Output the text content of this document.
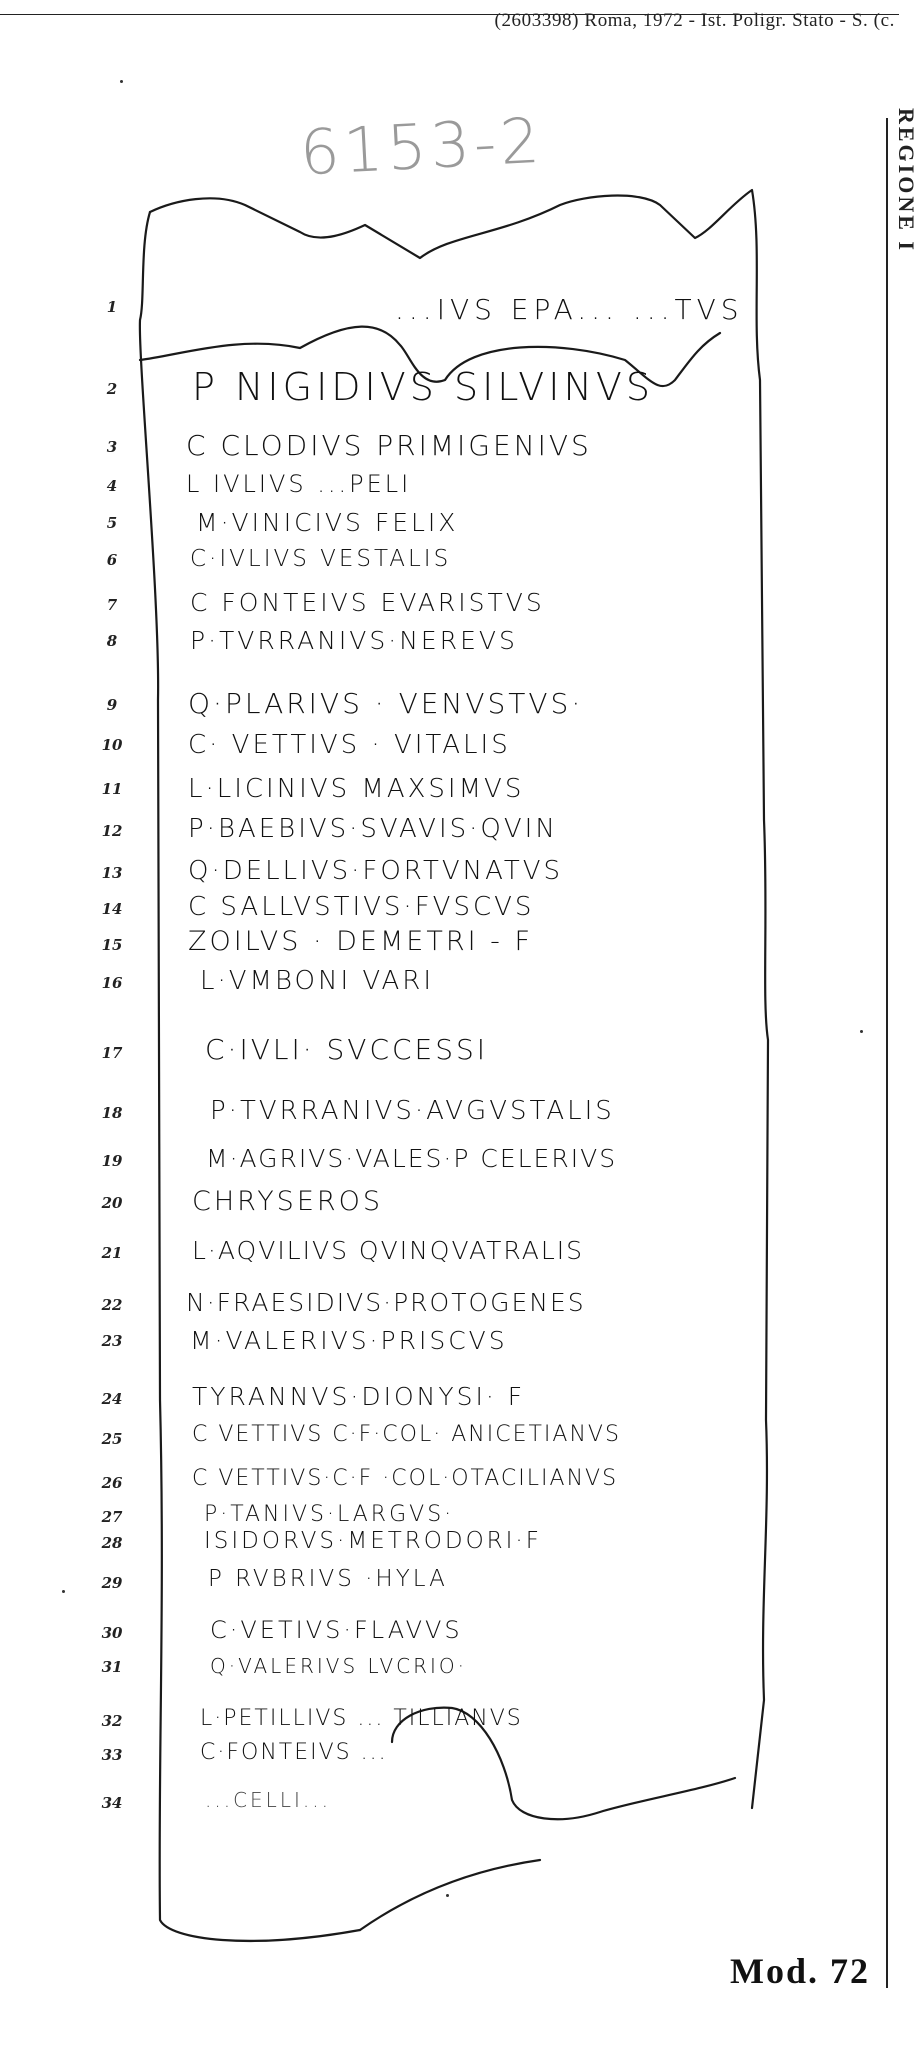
(2603398) Roma, 1972 - Ist. Poligr. Stato - S. (c.
6153-2	REGIONE I
1	...IVS EPA... ...TVS
2	P NIGIDIVS SILVINVS
3	C CLODIVS PRIMIGENIVS
4	L IVLIVS ...PELI
5	M·VINICIVS FELIX
6	C·IVLIVS VESTALIS
7	C FONTEIVS EVARISTVS
8	P·TVRRANIVS·NEREVS
9	Q·PLARIVS · VENVSTVS·
10	C· VETTIVS · VITALIS
11	L·LICINIVS MAXSIMVS
12	P·BAEBIVS·SVAVIS·QVIN
13	Q·DELLIVS·FORTVNATVS
14	C SALLVSTIVS·FVSCVS
15	ZOILVS · DEMETRI - F
16	L·VMBONI VARI
17	C·IVLI· SVCCESSI
18	P·TVRRANIVS·AVGVSTALIS
19	M·AGRIVS·VALES·P CELERIVS
20	CHRYSEROS
21	L·AQVILIVS QVINQVATRALIS
22	N·FRAESIDIVS·PROTOGENES
23	M·VALERIVS·PRISCVS
24	TYRANNVS·DIONYSI· F
25	C VETTIVS C·F·COL· ANICETIANVS
26	C VETTIVS·C·F ·COL·OTACILIANVS
27	P·TANIVS·LARGVS·
28	ISIDORVS·METRODORI·F
29	P RVBRIVS ·HYLA
30	C·VETIVS·FLAVVS
31	Q·VALERIVS LVCRIO·
32	L·PETILLIVS ... TILLIANVS
33	C·FONTEIVS ...
34	...CELLI...
Mod. 72
